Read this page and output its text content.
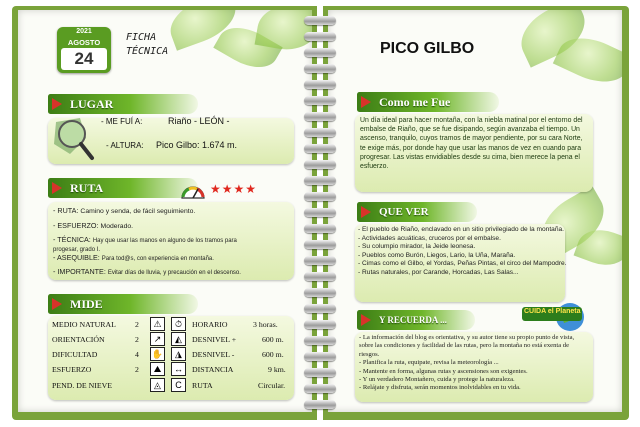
2021
AGOSTO
24
FICHA
TÉCNICA
LUGAR
- ME FUÍ A:	Riaño - LEÓN -
- ALTURA: Pico Gilbo: 1.674 m.
RUTA	★★★★
- RUTA: Camino y senda, de fácil seguimiento.
- ESFUERZO: Moderado.
- TÉCNICA: Hay que usar las manos en alguno de los tramos para progesar, grado I.
- ASEQUIBLE: Para tod@s, con experiencia en montaña.
- IMPORTANTE: Evitar días de lluvia, y precaución en el descenso.
MIDE
MEDIO NATURAL 2	⚠	⏱	HORARIO	3 horas.
ORIENTACIÓN	2	↗	◭	DESNIVEL +	600 m.
DIFICULTAD	4 ✋	◮	DESNIVEL -	600 m.
ESFUERZO	2	⛰	↔	DISTANCIA	9 km.
PEND. DE NIEVE	◬	C	RUTA	Circular.
PICO GILBO
Como me Fue
Un día ideal para hacer montaña, con la niebla matinal por el entorno del embalse de Riaño, que se fue disipando, según avanzaba el tiempo. Un ascenso, tranquilo, cuyos tramos de mayor pendiente, por su cara Norte, te exige más, por donde hay que usar las manos de vez en cuando para progresar. Las vistas envidiables desde su cima, bien merece la pena el esfuerzo.
QUE VER
- El pueblo de Riaño, enclavado en un sitio privilegiado de la montaña.
- Actividades acuáticas, cruceros por el embalse.
- Su columpio mirador, la Jeide leonesa.
- Pueblos como Burón, Liegos, Lario, la Uña, Maraña.
- Cimas como el Gilbo, el Yordas, Peñas Pintas, el circo del Mampodre.
- Rutas naturales, por Carande, Horcadas, Las Salas...
Y RECUERDA ...
CUIDA el Planeta
- La información del blog es orientativa, y su autor tiene su propio punto de vista, sobre las condiciones y facilidad de las rutas, pero la montaña no está exenta de riesgos.
- Planifica la ruta, equipate, revisa la meteorología ...
- Mantente en forma, algunas rutas y ascensiones son exigentes.
- Y un verdadero Montañero, cuida y protege la naturaleza.
- Relájate y disfruta, serán momentos inolvidables en tu vida.
